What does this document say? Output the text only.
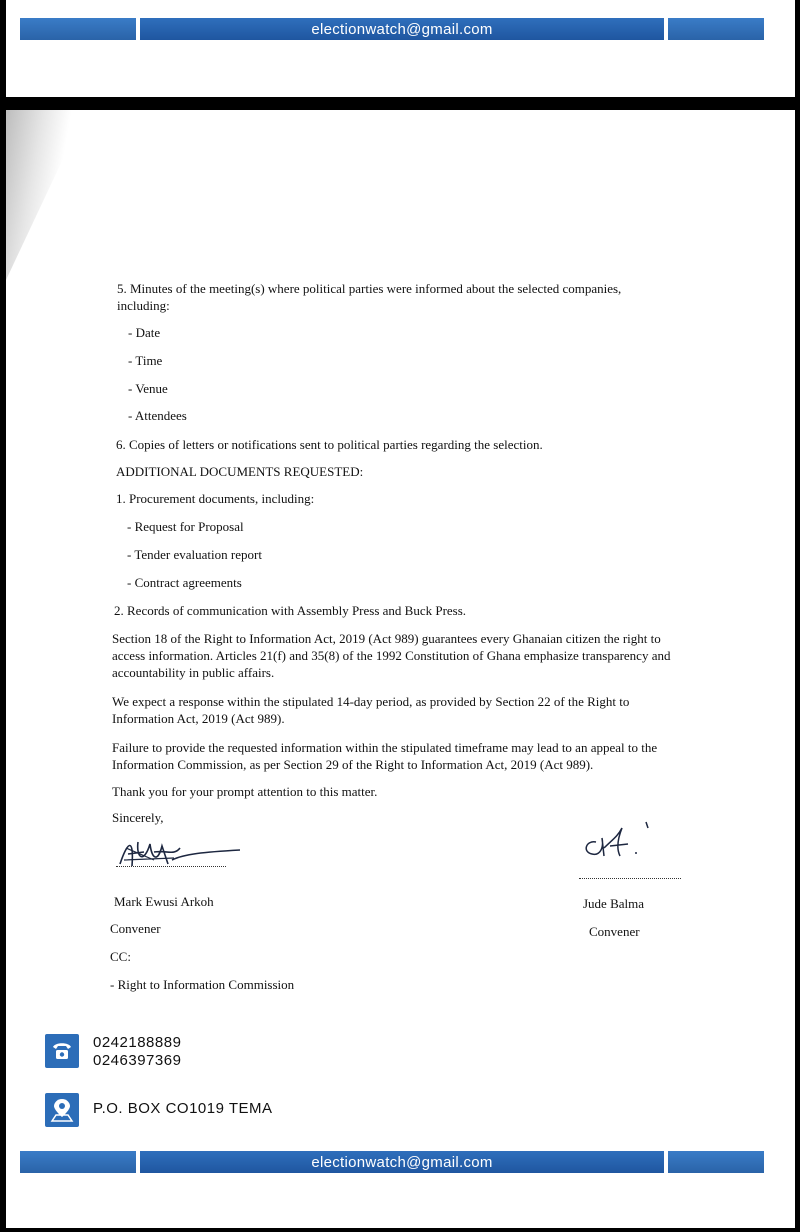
electionwatch@gmail.com

5. Minutes of the meeting(s) where political parties were informed about the selected companies, including:

- Date

- Time

- Venue

- Attendees

6. Copies of letters or notifications sent to political parties regarding the selection.

ADDITIONAL DOCUMENTS REQUESTED:

1. Procurement documents, including:

- Request for Proposal

- Tender evaluation report

- Contract agreements

2. Records of communication with Assembly Press and Buck Press.

Section 18 of the Right to Information Act, 2019 (Act 989) guarantees every Ghanaian citizen the right to access information. Articles 21(f) and 35(8) of the 1992 Constitution of Ghana emphasize transparency and accountability in public affairs.

We expect a response within the stipulated 14-day period, as provided by Section 22 of the Right to Information Act, 2019 (Act 989).

Failure to provide the requested information within the stipulated timeframe may lead to an appeal to the Information Commission, as per Section 29 of the Right to Information Act, 2019 (Act 989).

Thank you for your prompt attention to this matter.

Sincerely,

Mark Ewusi Arkoh

Convener

Jude Balma

Convener

CC:

- Right to Information Commission

0242188889
0246397369
P.O. BOX CO1019 TEMA
electionwatch@gmail.com
